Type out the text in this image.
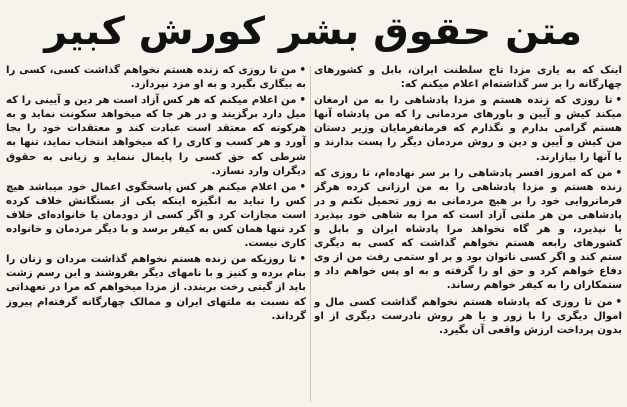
متن حقوق بشر کورش کبیر

اینک که به یاری مزدا تاج سلطنت ایران، بابل و کشورهای چهارگانه را بر سر گذاشته‌ام اعلام میکنم که:

•تا روزی که زنده هستم و مزدا پادشاهی را به من ارمغان میکند کیش و آیین و باورهای مردمانی را که من پادشاه آنها هستم گرامی بدارم و نگذارم که فرمانفرمایان وزیر دستان من کیش و آیین و دین و روش مردمان دیگر را پست بدارند و یا آنها را بیازارند.

•من که امروز افسر پادشاهی را بر سر نهاده‌ام، تا روزی که زنده هستم و مزدا پادشاهی را به من ارزانی کرده هرگز فرمانروایی خود را بر هیچ مردمانی به زور تحمیل نکنم و در پادشاهی من هر ملتی آزاد است که مرا به شاهی خود بپذیرد یا نپذیرد، و هر گاه نخواهد مرا پادشاه ایران و بابل و کشورهای رابعه هستم نخواهم گذاشت که کسی به دیگری ستم کند و اگر کسی ناتوان بود و بر او ستمی رفت من از وی دفاع خواهم کرد و حق او را گرفته و به او پس خواهم داد و ستمکاران را به کیفر خواهم رساند.

•من تا روزی که پادشاه هستم نخواهم گذاشت کسی مال و اموال دیگری را با زور و یا هر روش نادرست دیگری از او بدون پرداخت ارزش واقعی آن بگیرد.

•من تا روزی که زنده هستم نخواهم گذاشت کسی، کسی را به بیگاری بگیرد و به او مزد نپردازد.

•من اعلام میکنم که هر کس آزاد است هر دین و آیینی را که میل دارد برگزیند و در هر جا که میخواهد سکونت نماید و به هرکوته که معتقد است عبادت کند و معتقدات خود را بجا آورد و هر کسب و کاری را که میخواهد انتخاب نماید، تنها به شرطی که حق کسی را پایمال ننماید و زیانی به حقوق دیگران وارد نسازد.

•من اعلام میکنم هر کس پاسخگوی اعمال خود میباشد هیچ کس را نباید به انگیزه اینکه یکی از بستگانش خلاف کرده است مجازات کرد و اگر کسی از دودمان یا خانواده‌ای خلاف کرد تنها همان کس به کیفر برسد و با دیگر مردمان و خانواده کاری نیست.

•تا روزیکه من زنده هستم نخواهم گذاشت مردان و زنان را بنام برده و کنیز و با نامهای دیگر بفروشند و این رسم زشت باید از گیتی رخت بربندد. از مزدا میخواهم که مرا در تعهداتی که نسبت به ملتهای ایران و ممالک چهارگانه گرفته‌ام پیروز گرداند.
